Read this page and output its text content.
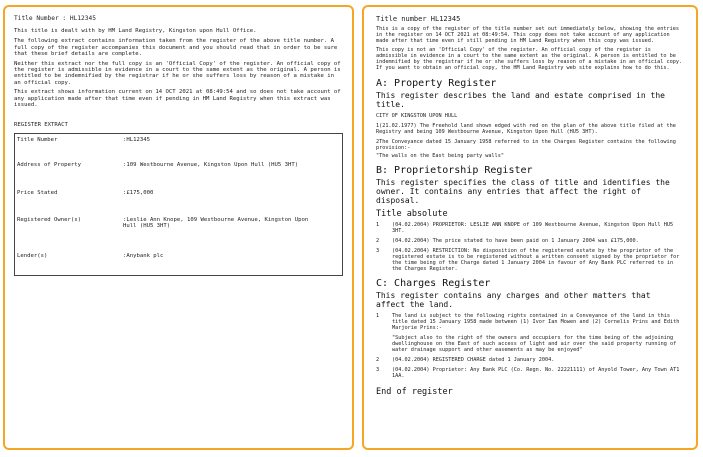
Title Number : HL12345

This title is dealt with by HM Land Registry, Kingston upon Hull Office.

The following extract contains information taken from the register of the above title number. A full copy of the register accompanies this document and you should read that in order to be sure that these brief details are complete.

Neither this extract nor the full copy is an 'Official Copy' of the register. An official copy of the register is admissible in evidence in a court to the same extent as the original. A person is entitled to be indemnified by the registrar if he or she suffers loss by reason of a mistake in an official copy.

This extract shows information current on 14 OCT 2021 at 08:49:54 and so does not take account of any application made after that time even if pending in HM Land Registry when this extract was issued.

REGISTER EXTRACT

Title Number	:HL12345
Address of Property	:109 Westbourne Avenue, Kingston Upon Hull (HU5 3HT)
Price Stated	:£175,000
Registered Owner(s)	:Leslie Ann Knope, 109 Westbourne Avenue, Kingston Upon Hull (HU5 3HT)
Lender(s)	:Anybank plc

Title number HL12345

This is a copy of the register of the title number set out immediately below, showing the entries in the register on 14 OCT 2021 at 08:49:54. This copy does not take account of any application made after that time even if still pending in HM Land Registry when this copy was issued.

This copy is not an 'Official Copy' of the register. An official copy of the register is admissible in evidence in a court to the same extent as the original. A person is entitled to be indemnified by the registrar if he or she suffers loss by reason of a mistake in an official copy. If you want to obtain an official copy, the HM Land Registry web site explains how to do this.

A: Property Register

This register describes the land and estate comprised in the title.

CITY OF KINGSTON UPON HULL
1(21.02.1977) The Freehold land shown edged with red on the plan of the above title filed at the Registry and being 109 Westbourne Avenue, Kingston Upon Hull (HU5 3HT).
2The Conveyance dated 15 January 1958 referred to in the Charges Register contains the following provision:-
"The walls on the East being party walls"
B: Proprietorship Register

This register specifies the class of title and identifies the owner. It contains any entries that affect the right of disposal.

Title absolute
1	(04.02.2004) PROPRIETOR: LESLIE ANN KNOPE of 109 Westbourne Avenue, Kingston Upon Hull HU5 3HT.
2	(04.02.2004) The price stated to have been paid on 1 January 2004 was £175,000.
3	(04.02.2004) RESTRICTION: No disposition of the registered estate by the proprietor of the registered estate is to be registered without a written consent signed by the proprietor for the time being of the Charge dated 1 January 2004 in favour of Any Bank PLC referred to in the Charges Register.
C: Charges Register

This register contains any charges and other matters that affect the land.

1	The land is subject to the following rights contained in a Conveyance of the land in this title dated 15 January 1958 made between (1) Ivor Ian Mowen and (2) Cornelis Prins and Edith Marjorie Prins:-
"Subject also to the right of the owners and occupiers for the time being of the adjoining dwellinghouse on the East of such access of light and air over the said property running of water drainage support and other easements as may be enjoyed"
2	(04.02.2004) REGISTERED CHARGE dated 1 January 2004.
3	(04.02.2004) Proprietor: Any Bank PLC (Co. Regn. No. 22221111) of Anyold Tower, Any Town AT1 1AA.
End of register
